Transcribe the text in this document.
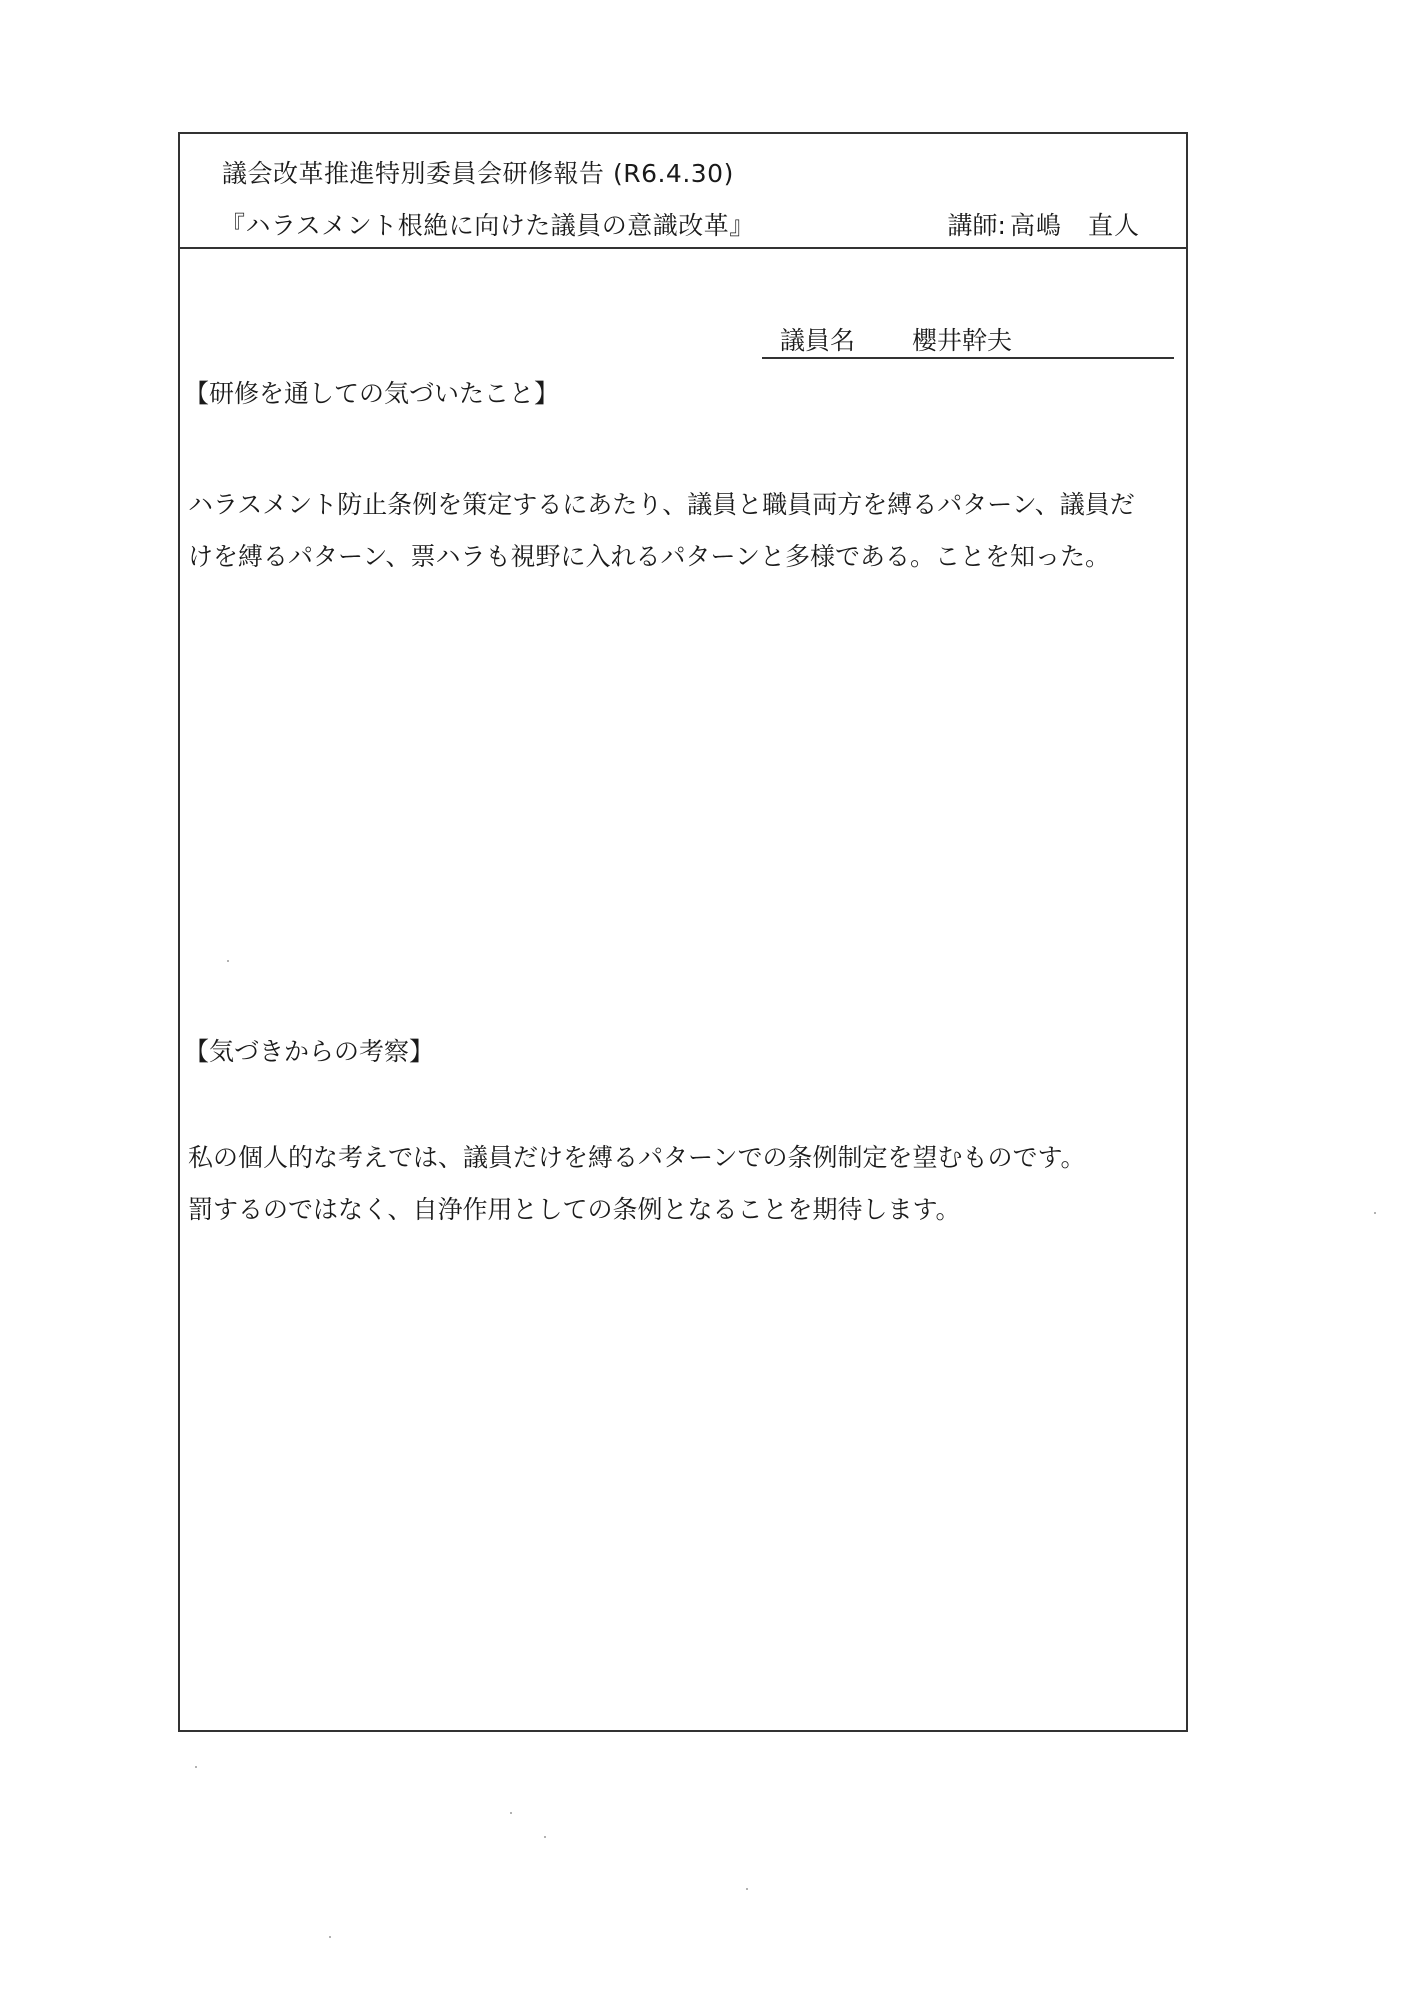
議会改革推進特別委員会研修報告 (R6.4.30)
『ハラスメント根絶に向けた議員の意識改革』	講師: 高嶋　直人
議員名 櫻井幹夫
【研修を通しての気づいたこと】
ハラスメント防止条例を策定するにあたり、議員と職員両方を縛るパターン、議員だ
けを縛るパターン、票ハラも視野に入れるパターンと多様である。ことを知った。
【気づきからの考察】
私の個人的な考えでは、議員だけを縛るパターンでの条例制定を望むものです。
罰するのではなく、自浄作用としての条例となることを期待します。
